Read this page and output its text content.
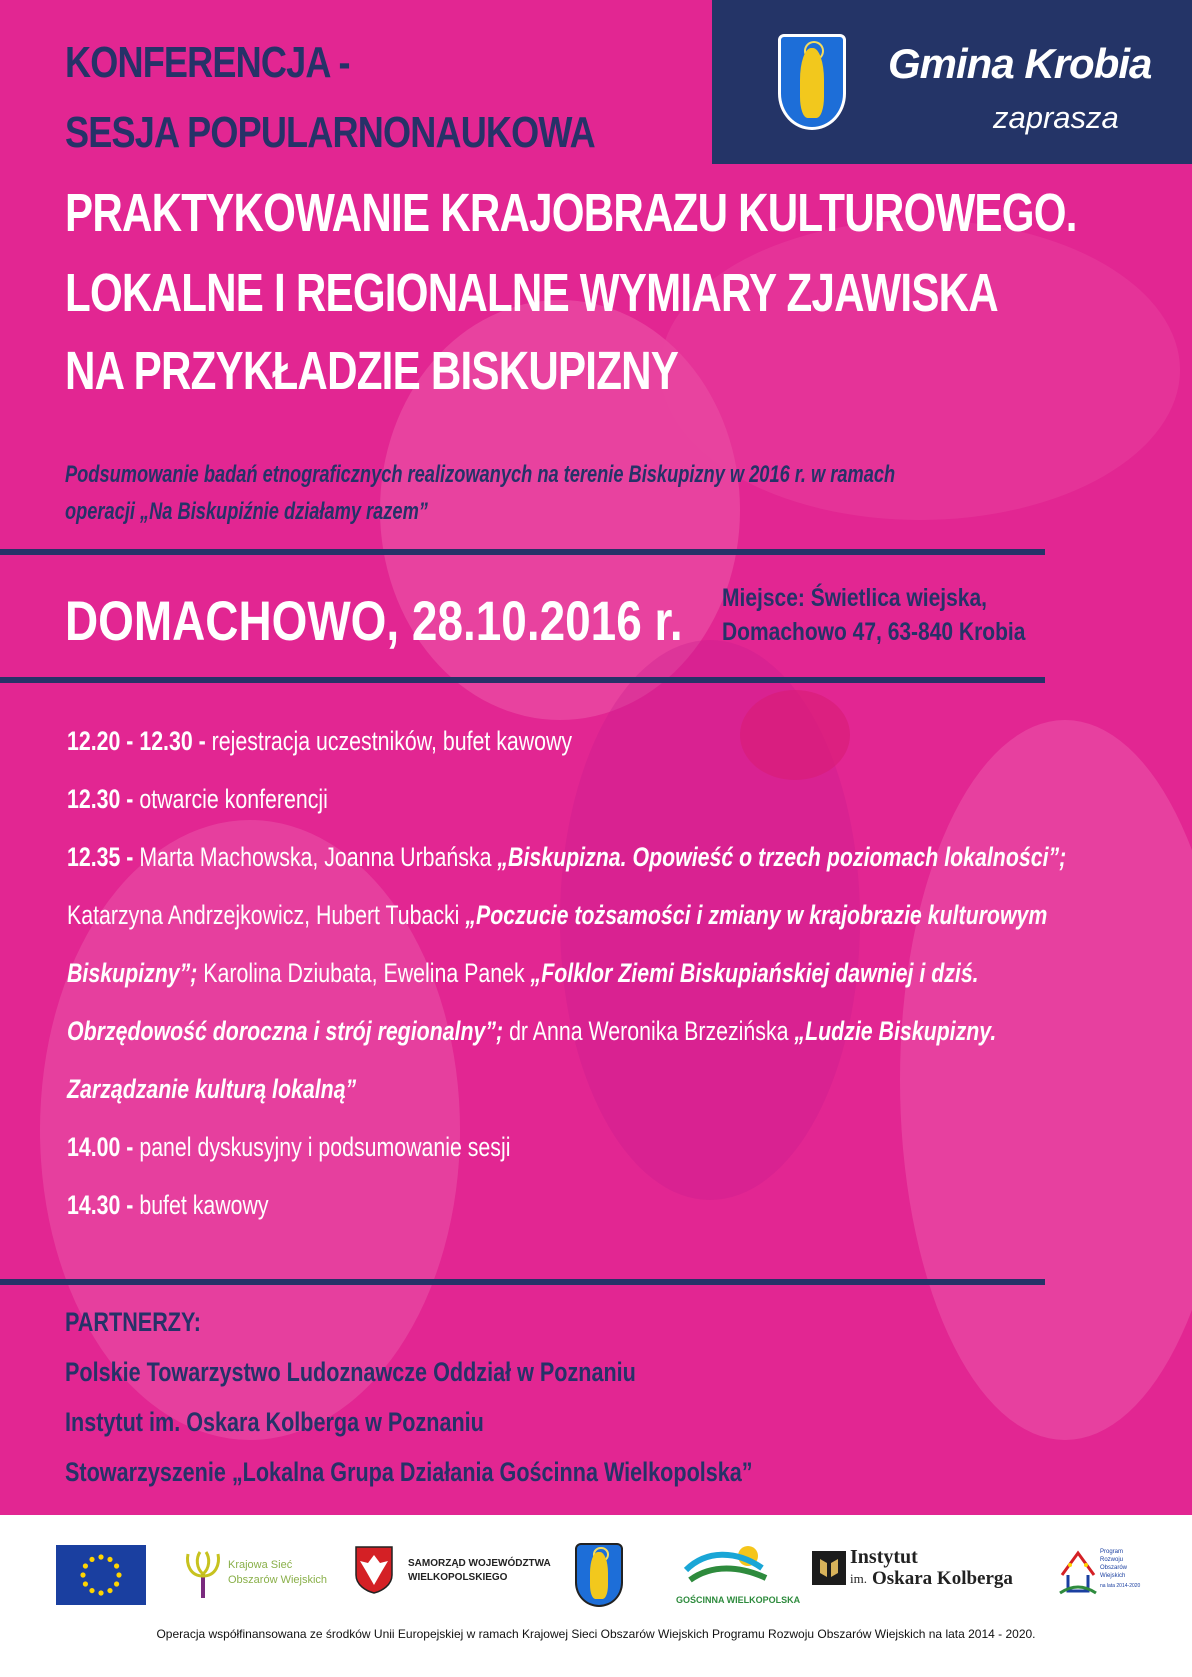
Gmina Krobia
zaprasza
KONFERENCJA -
SESJA POPULARNONAUKOWA
PRAKTYKOWANIE KRAJOBRAZU KULTUROWEGO.
LOKALNE I REGIONALNE WYMIARY ZJAWISKA
NA PRZYKŁADZIE BISKUPIZNY
Podsumowanie badań etnograficznych realizowanych na terenie Biskupizny w 2016 r. w ramach
operacji „Na Biskupiźnie działamy razem”
DOMACHOWO, 28.10.2016 r. Miejsce: Świetlica wiejska,
Domachowo 47, 63-840 Krobia
12.20 - 12.30 - rejestracja uczestników, bufet kawowy
12.30 - otwarcie konferencji
12.35 - Marta Machowska, Joanna Urbańska „Biskupizna. Opowieść o trzech poziomach lokalności”;
Katarzyna Andrzejkowicz, Hubert Tubacki „Poczucie tożsamości i zmiany w krajobrazie kulturowym Biskupizny”; Karolina Dziubata, Ewelina Panek „Folklor Ziemi Biskupiańskiej dawniej i dziś. Obrzędowość doroczna i strój regionalny”; dr Anna Weronika Brzezińska „Ludzie Biskupizny. Zarządzanie kulturą lokalną”
14.00 - panel dyskusyjny i podsumowanie sesji
14.30 - bufet kawowy
PARTNERZY:
Polskie Towarzystwo Ludoznawcze Oddział w Poznaniu
Instytut im. Oskara Kolberga w Poznaniu
Stowarzyszenie „Lokalna Grupa Działania Gościnna Wielkopolska”
Krajowa Sieć
Obszarów Wiejskich
SAMORZĄD WOJEWÓDZTWA
WIELKOPOLSKIEGO
GOŚCINNA WIELKOPOLSKA
Instytut
im. Oskara Kolberga
Program
Rozwoju
Obszarów
Wiejskich
na lata 2014-2020
Operacja współfinansowana ze środków Unii Europejskiej w ramach Krajowej Sieci Obszarów Wiejskich Programu Rozwoju Obszarów Wiejskich na lata 2014 - 2020.
